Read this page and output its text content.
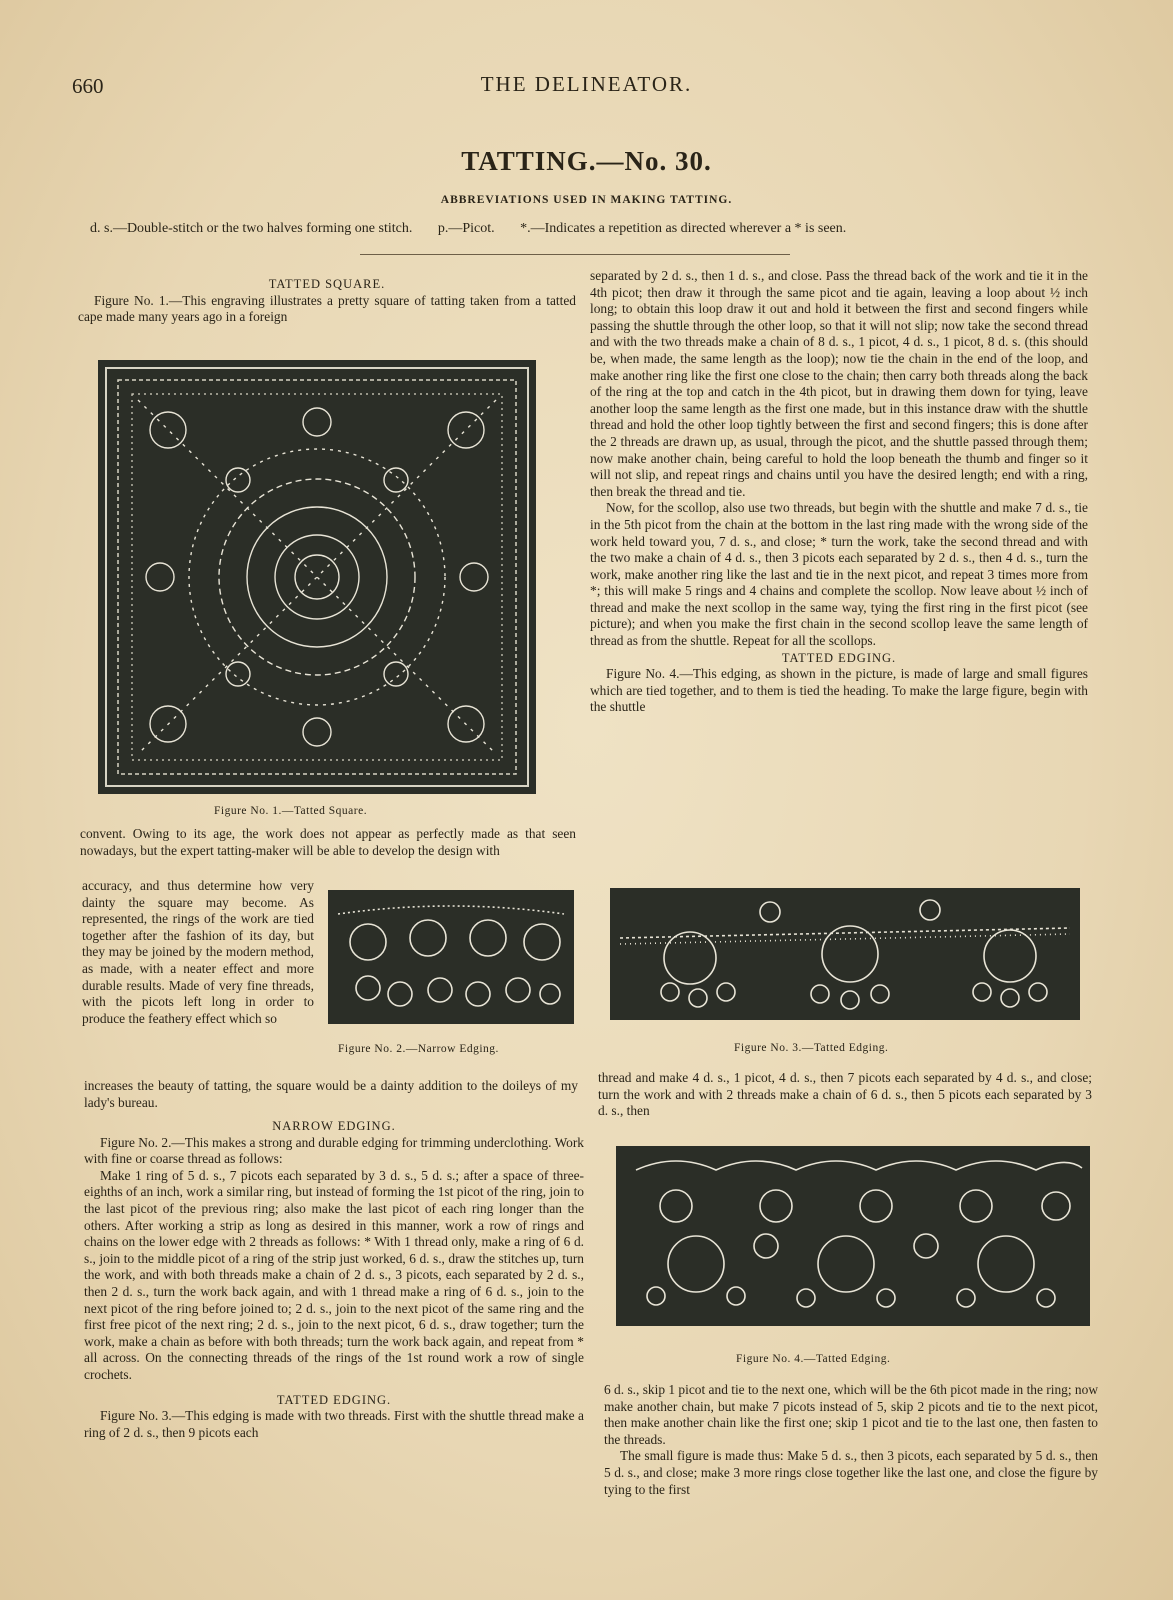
660	THE DELINEATOR.
TATTING.—No. 30.
ABBREVIATIONS USED IN MAKING TATTING.
d. s.—Double-stitch or the two halves forming one stitch. p.—Picot. *.—Indicates a repetition as directed wherever a * is seen.

TATTED SQUARE.

Figure No. 1.—This engraving illustrates a pretty square of tatting taken from a tatted cape made many years ago in a foreign

Figure No. 1.—Tatted Square.

convent. Owing to its age, the work does not appear as perfectly made as that seen nowadays, but the expert tatting-maker will be able to develop the design with

accuracy, and thus determine how very dainty the square may become. As represented, the rings of the work are tied together after the fashion of its day, but they may be joined by the modern method, as made, with a neater effect and more durable results. Made of very fine threads, with the picots left long in order to produce the feathery effect which so

Figure No. 2.—Narrow Edging.

increases the beauty of tatting, the square would be a dainty addition to the doileys of my lady's bureau.

NARROW EDGING.

Figure No. 2.—This makes a strong and durable edging for trimming underclothing. Work with fine or coarse thread as follows:

Make 1 ring of 5 d. s., 7 picots each separated by 3 d. s., 5 d. s.; after a space of three-eighths of an inch, work a similar ring, but instead of forming the 1st picot of the ring, join to the last picot of the previous ring; also make the last picot of each ring longer than the others. After working a strip as long as desired in this manner, work a row of rings and chains on the lower edge with 2 threads as follows: * With 1 thread only, make a ring of 6 d. s., join to the middle picot of a ring of the strip just worked, 6 d. s., draw the stitches up, turn the work, and with both threads make a chain of 2 d. s., 3 picots, each separated by 2 d. s., then 2 d. s., turn the work back again, and with 1 thread make a ring of 6 d. s., join to the next picot of the ring before joined to; 2 d. s., join to the next picot of the same ring and the first free picot of the next ring; 2 d. s., join to the next picot, 6 d. s., draw together; turn the work, make a chain as before with both threads; turn the work back again, and repeat from * all across. On the connecting threads of the rings of the 1st round work a row of single crochets.

TATTED EDGING.

Figure No. 3.—This edging is made with two threads. First with the shuttle thread make a ring of 2 d. s., then 9 picots each

separated by 2 d. s., then 1 d. s., and close. Pass the thread back of the work and tie it in the 4th picot; then draw it through the same picot and tie again, leaving a loop about ½ inch long; to obtain this loop draw it out and hold it between the first and second fingers while passing the shuttle through the other loop, so that it will not slip; now take the second thread and with the two threads make a chain of 8 d. s., 1 picot, 4 d. s., 1 picot, 8 d. s. (this should be, when made, the same length as the loop); now tie the chain in the end of the loop, and make another ring like the first one close to the chain; then carry both threads along the back of the ring at the top and catch in the 4th picot, but in drawing them down for tying, leave another loop the same length as the first one made, but in this instance draw with the shuttle thread and hold the other loop tightly between the first and second fingers; this is done after the 2 threads are drawn up, as usual, through the picot, and the shuttle passed through them; now make another chain, being careful to hold the loop beneath the thumb and finger so it will not slip, and repeat rings and chains until you have the desired length; end with a ring, then break the thread and tie.

Now, for the scollop, also use two threads, but begin with the shuttle and make 7 d. s., tie in the 5th picot from the chain at the bottom in the last ring made with the wrong side of the work held toward you, 7 d. s., and close; * turn the work, take the second thread and with the two make a chain of 4 d. s., then 3 picots each separated by 2 d. s., then 4 d. s., turn the work, make another ring like the last and tie in the next picot, and repeat 3 times more from *; this will make 5 rings and 4 chains and complete the scollop. Now leave about ½ inch of thread and make the next scollop in the same way, tying the first ring in the first picot (see picture); and when you make the first chain in the second scollop leave the same length of thread as from the shuttle. Repeat for all the scollops.

TATTED EDGING.

Figure No. 4.—This edging, as shown in the picture, is made of large and small figures which are tied together, and to them is tied the heading. To make the large figure, begin with the shuttle

Figure No. 3.—Tatted Edging.

thread and make 4 d. s., 1 picot, 4 d. s., then 7 picots each separated by 4 d. s., and close; turn the work and with 2 threads make a chain of 6 d. s., then 5 picots each separated by 3 d. s., then

Figure No. 4.—Tatted Edging.

6 d. s., skip 1 picot and tie to the next one, which will be the 6th picot made in the ring; now make another chain, but make 7 picots instead of 5, skip 2 picots and tie to the next picot, then make another chain like the first one; skip 1 picot and tie to the last one, then fasten to the threads.

The small figure is made thus: Make 5 d. s., then 3 picots, each separated by 5 d. s., then 5 d. s., and close; make 3 more rings close together like the last one, and close the figure by tying to the first
